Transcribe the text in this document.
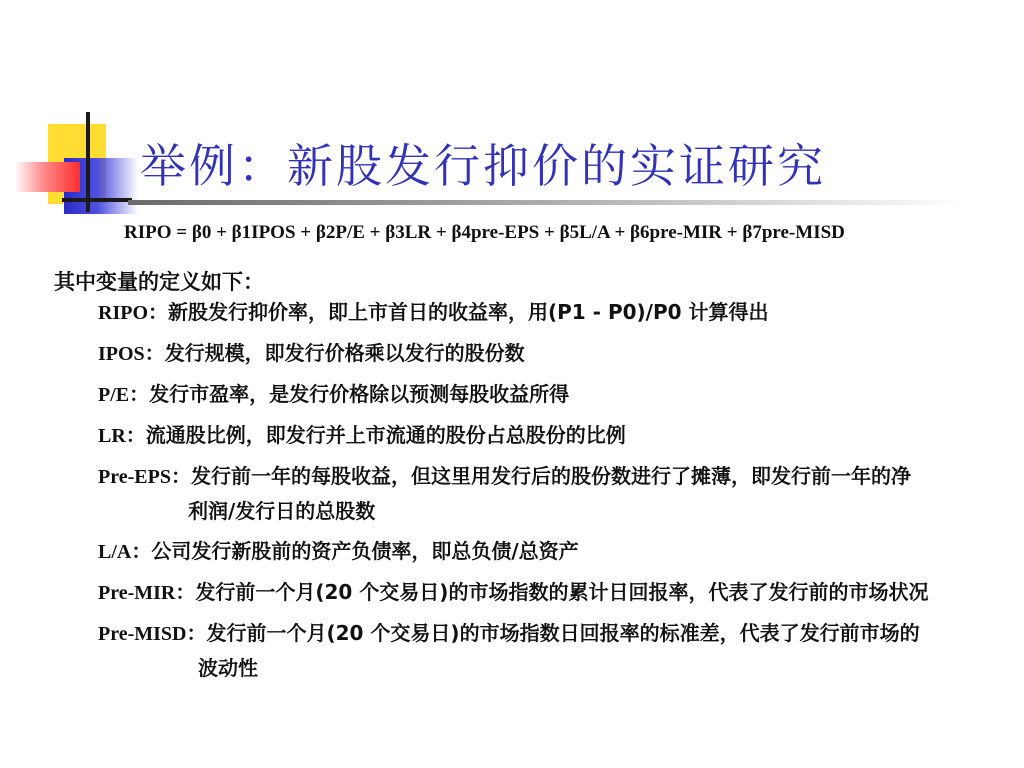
举例：新股发行抑价的实证研究
RIPO = β0 + β1IPOS + β2P/E + β3LR + β4pre-EPS + β5L/A + β6pre-MIR + β7pre-MISD
其中变量的定义如下：
RIPO：新股发行抑价率，即上市首日的收益率，用(P1 - P0)/P0 计算得出
IPOS：发行规模，即发行价格乘以发行的股份数
P/E：发行市盈率，是发行价格除以预测每股收益所得
LR：流通股比例，即发行并上市流通的股份占总股份的比例
Pre-EPS：发行前一年的每股收益，但这里用发行后的股份数进行了摊薄，即发行前一年的净
利润/发行日的总股数
L/A：公司发行新股前的资产负债率，即总负债/总资产
Pre-MIR：发行前一个月(20 个交易日)的市场指数的累计日回报率，代表了发行前的市场状况
Pre-MISD：发行前一个月(20 个交易日)的市场指数日回报率的标准差，代表了发行前市场的
波动性
